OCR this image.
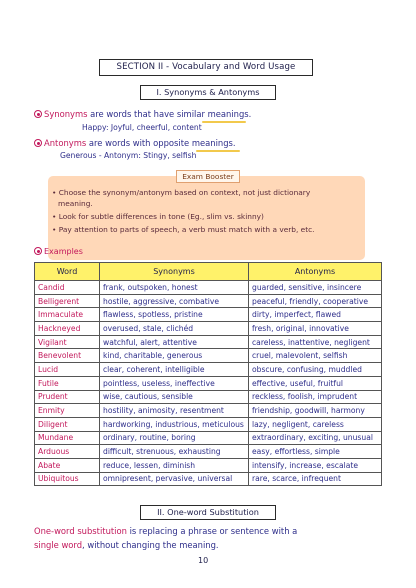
SECTION II - Vocabulary and Word Usage
I. Synonyms & Antonyms
Synonyms are words that have similar meanings.
Happy: Joyful, cheerful, content
Antonyms are words with opposite meanings.
Generous - Antonym: Stingy, selfish
Exam Booster
• Choose the synonym/antonym based on context, not just dictionary
meaning.
• Look for subtle differences in tone (Eg., slim vs. skinny)
• Pay attention to parts of speech, a verb must match with a verb, etc.
Examples
Word	Synonyms	Antonyms
Candid	frank, outspoken, honest	guarded, sensitive, insincere
Belligerent	hostile, aggressive, combative	peaceful, friendly, cooperative
Immaculate	flawless, spotless, pristine	dirty, imperfect, flawed
Hackneyed	overused, stale, clichéd	fresh, original, innovative
Vigilant	watchful, alert, attentive	careless, inattentive, negligent
Benevolent	kind, charitable, generous	cruel, malevolent, selfish
Lucid	clear, coherent, intelligible	obscure, confusing, muddled
Futile	pointless, useless, ineffective	effective, useful, fruitful
Prudent	wise, cautious, sensible	reckless, foolish, imprudent
Enmity	hostility, animosity, resentment	friendship, goodwill, harmony
Diligent	hardworking, industrious, meticulous	lazy, negligent, careless
Mundane	ordinary, routine, boring	extraordinary, exciting, unusual
Arduous	difficult, strenuous, exhausting	easy, effortless, simple
Abate	reduce, lessen, diminish	intensify, increase, escalate
Ubiquitous	omnipresent, pervasive, universal	rare, scarce, infrequent
II. One-word Substitution
One-word substitution is replacing a phrase or sentence with a
single word, without changing the meaning.
10
